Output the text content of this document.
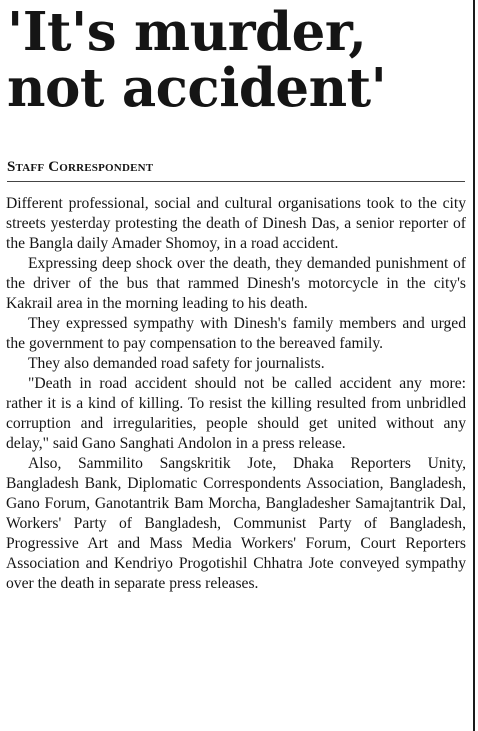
'It's murder, not accident'
Staff Correspondent

Different professional, social and cultural organisations took to the city streets yesterday protesting the death of Dinesh Das, a senior reporter of the Bangla daily Amader Shomoy, in a road accident.

Expressing deep shock over the death, they demanded punishment of the driver of the bus that rammed Dinesh's motorcycle in the city's Kakrail area in the morning leading to his death.

They expressed sympathy with Dinesh's family members and urged the government to pay compensation to the bereaved family.

They also demanded road safety for journalists.

"Death in road accident should not be called accident any more: rather it is a kind of killing. To resist the killing resulted from unbridled corruption and irregularities, people should get united without any delay," said Gano Sanghati Andolon in a press release.

Also, Sammilito Sangskritik Jote, Dhaka Reporters Unity, Bangladesh Bank, Diplomatic Correspondents Association, Bangladesh, Gano Forum, Ganotantrik Bam Morcha, Bangladesher Samajtantrik Dal, Workers' Party of Bangladesh, Communist Party of Bangladesh, Progressive Art and Mass Media Workers' Forum, Court Reporters Association and Kendriyo Progotishil Chhatra Jote conveyed sympathy over the death in separate press releases.
